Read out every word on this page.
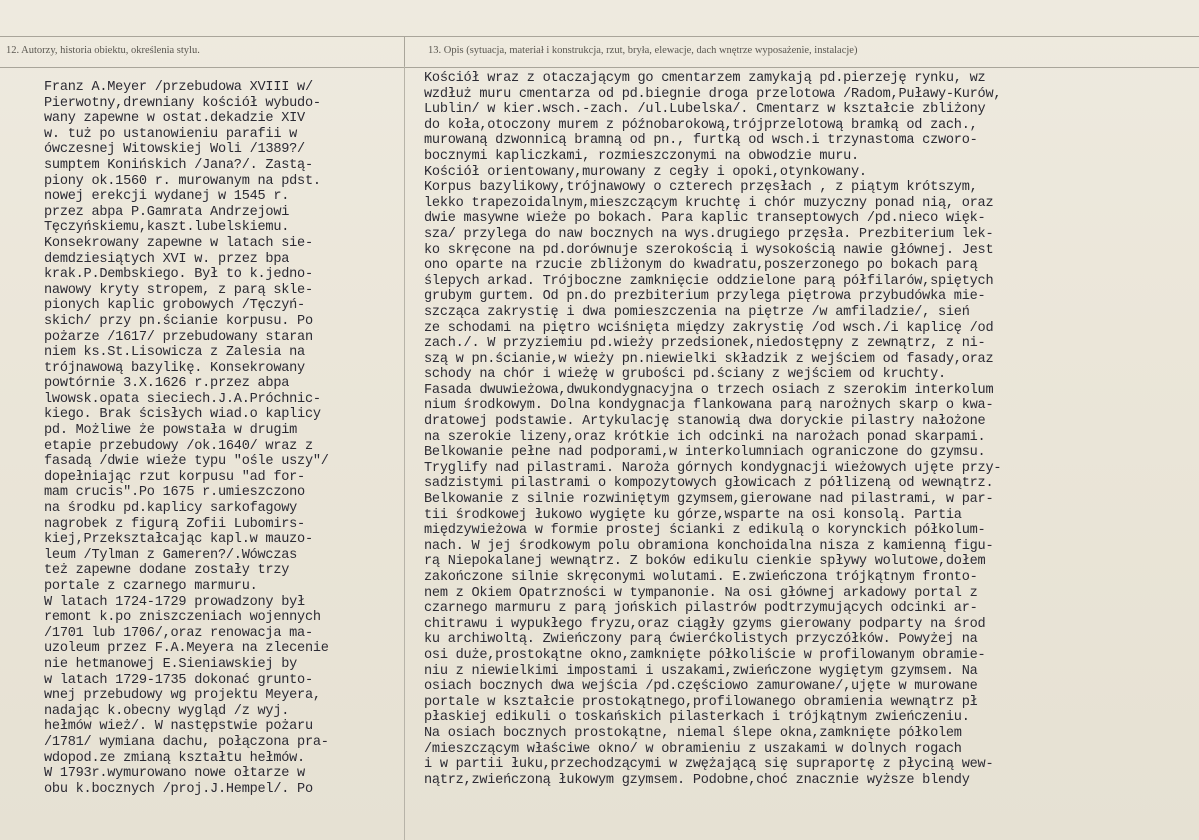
12. Autorzy, historia obiektu, określenia stylu.	13. Opis (sytuacja, materiał i konstrukcja, rzut, bryła, elewacje, dach wnętrze wyposażenie, instalacje)
Franz A.Meyer /przebudowa XVIII w/
Pierwotny,drewniany kościół wybudo-
wany zapewne w ostat.dekadzie XIV
w. tuż po ustanowieniu parafii w
ówczesnej Witowskiej Woli /1389?/
sumptem Konińskich /Jana?/. Zastą-
piony ok.1560 r. murowanym na pdst.
nowej erekcji wydanej w 1545 r.
przez abpa P.Gamrata Andrzejowi
Tęczyńskiemu,kaszt.lubelskiemu.
Konsekrowany zapewne w latach sie-
demdziesiątych XVI w. przez bpa
krak.P.Dembskiego. Był to k.jedno-
nawowy kryty stropem, z parą skle-
pionych kaplic grobowych /Tęczyń-
skich/ przy pn.ścianie korpusu. Po
pożarze /1617/ przebudowany staran
niem ks.St.Lisowicza z Zalesia na
trójnawową bazylikę. Konsekrowany
powtórnie 3.X.1626 r.przez abpa
lwowsk.opata sieciech.J.A.Próchnic-
kiego. Brak ścisłych wiad.o kaplicy
pd. Możliwe że powstała w drugim
etapie przebudowy /ok.1640/ wraz z
fasadą /dwie wieże typu "ośle uszy"/
dopełniając rzut korpusu "ad for-
mam crucis".Po 1675 r.umieszczono
na środku pd.kaplicy sarkofagowy
nagrobek z figurą Zofii Lubomirs-
kiej,Przekształcając kapl.w mauzo-
leum /Tylman z Gameren?/.Wówczas
też zapewne dodane zostały trzy
portale z czarnego marmuru.
W latach 1724-1729 prowadzony był
remont k.po zniszczeniach wojennych
/1701 lub 1706/,oraz renowacja ma-
uzoleum przez F.A.Meyera na zlecenie
nie hetmanowej E.Sieniawskiej by
w latach 1729-1735 dokonać grunto-
wnej przebudowy wg projektu Meyera,
nadając k.obecny wygląd /z wyj.
hełmów wież/. W następstwie pożaru
/1781/ wymiana dachu, połączona pra-
wdopod.ze zmianą kształtu hełmów.
W 1793r.wymurowano nowe ołtarze w
obu k.bocznych /proj.J.Hempel/. Po
Kościół wraz z otaczającym go cmentarzem zamykają pd.pierzeję rynku, wz
wzdłuż muru cmentarza od pd.biegnie droga przelotowa /Radom,Puławy-Kurów,
Lublin/ w kier.wsch.-zach. /ul.Lubelska/. Cmentarz w kształcie zbliżony
do koła,otoczony murem z późnobarokową,trójprzelotową bramką od zach.,
murowaną dzwonnicą bramną od pn., furtką od wsch.i trzynastoma czworo-
bocznymi kapliczkami, rozmieszczonymi na obwodzie muru.
Kościół orientowany,murowany z cegły i opoki,otynkowany.
Korpus bazylikowy,trójnawowy o czterech przęsłach , z piątym krótszym,
lekko trapezoidalnym,mieszczącym kruchtę i chór muzyczny ponad nią, oraz
dwie masywne wieże po bokach. Para kaplic transeptowych /pd.nieco więk-
sza/ przylega do naw bocznych na wys.drugiego przęsła. Prezbiterium lek-
ko skręcone na pd.dorównuje szerokością i wysokością nawie głównej. Jest
ono oparte na rzucie zbliżonym do kwadratu,poszerzonego po bokach parą
ślepych arkad. Trójboczne zamknięcie oddzielone parą półfilarów,spiętych
grubym gurtem. Od pn.do prezbiterium przylega piętrowa przybudówka mie-
szcząca zakrystię i dwa pomieszczenia na piętrze /w amfiladzie/, sień
ze schodami na piętro wciśnięta między zakrystię /od wsch./i kaplicę /od
zach./. W przyziemiu pd.wieży przedsionek,niedostępny z zewnątrz, z ni-
szą w pn.ścianie,w wieży pn.niewielki składzik z wejściem od fasady,oraz
schody na chór i wieżę w grubości pd.ściany z wejściem od kruchty.
Fasada dwuwieżowa,dwukondygnacyjna o trzech osiach z szerokim interkolum
nium środkowym. Dolna kondygnacja flankowana parą narożnych skarp o kwa-
dratowej podstawie. Artykulację stanowią dwa doryckie pilastry nałożone
na szerokie lizeny,oraz krótkie ich odcinki na narożach ponad skarpami.
Belkowanie pełne nad podporami,w interkolumniach ograniczone do gzymsu.
Tryglify nad pilastrami. Naroża górnych kondygnacji wieżowych ujęte przy-
sadzistymi pilastrami o kompozytowych głowicach z półlizeną od wewnątrz.
Belkowanie z silnie rozwiniętym gzymsem,gierowane nad pilastrami, w par-
tii środkowej łukowo wygięte ku górze,wsparte na osi konsolą. Partia
międzywieżowa w formie prostej ścianki z edikulą o korynckich półkolum-
nach. W jej środkowym polu obramiona konchoidalna nisza z kamienną figu-
rą Niepokalanej wewnątrz. Z boków edikulu cienkie spływy wolutowe,dołem
zakończone silnie skręconymi wolutami. E.zwieńczona trójkątnym fronto-
nem z Okiem Opatrzności w tympanonie. Na osi głównej arkadowy portal z
czarnego marmuru z parą jońskich pilastrów podtrzymujących odcinki ar-
chitrawu i wypukłego fryzu,oraz ciągły gzyms gierowany podparty na środ
ku archiwoltą. Zwieńczony parą ćwierćkolistych przyczółków. Powyżej na
osi duże,prostokątne okno,zamknięte półkoliście w profilowanym obramie-
niu z niewielkimi impostami i uszakami,zwieńczone wygiętym gzymsem. Na
osiach bocznych dwa wejścia /pd.częściowo zamurowane/,ujęte w murowane
portale w kształcie prostokątnego,profilowanego obramienia wewnątrz pł
płaskiej edikuli o toskańskich pilasterkach i trójkątnym zwieńczeniu.
Na osiach bocznych prostokątne, niemal ślepe okna,zamknięte półkolem
/mieszczącym właściwe okno/ w obramieniu z uszakami w dolnych rogach
i w partii łuku,przechodzącymi w zwężającą się supraportę z płyciną wew-
nątrz,zwieńczoną łukowym gzymsem. Podobne,choć znacznie wyższe blendy
